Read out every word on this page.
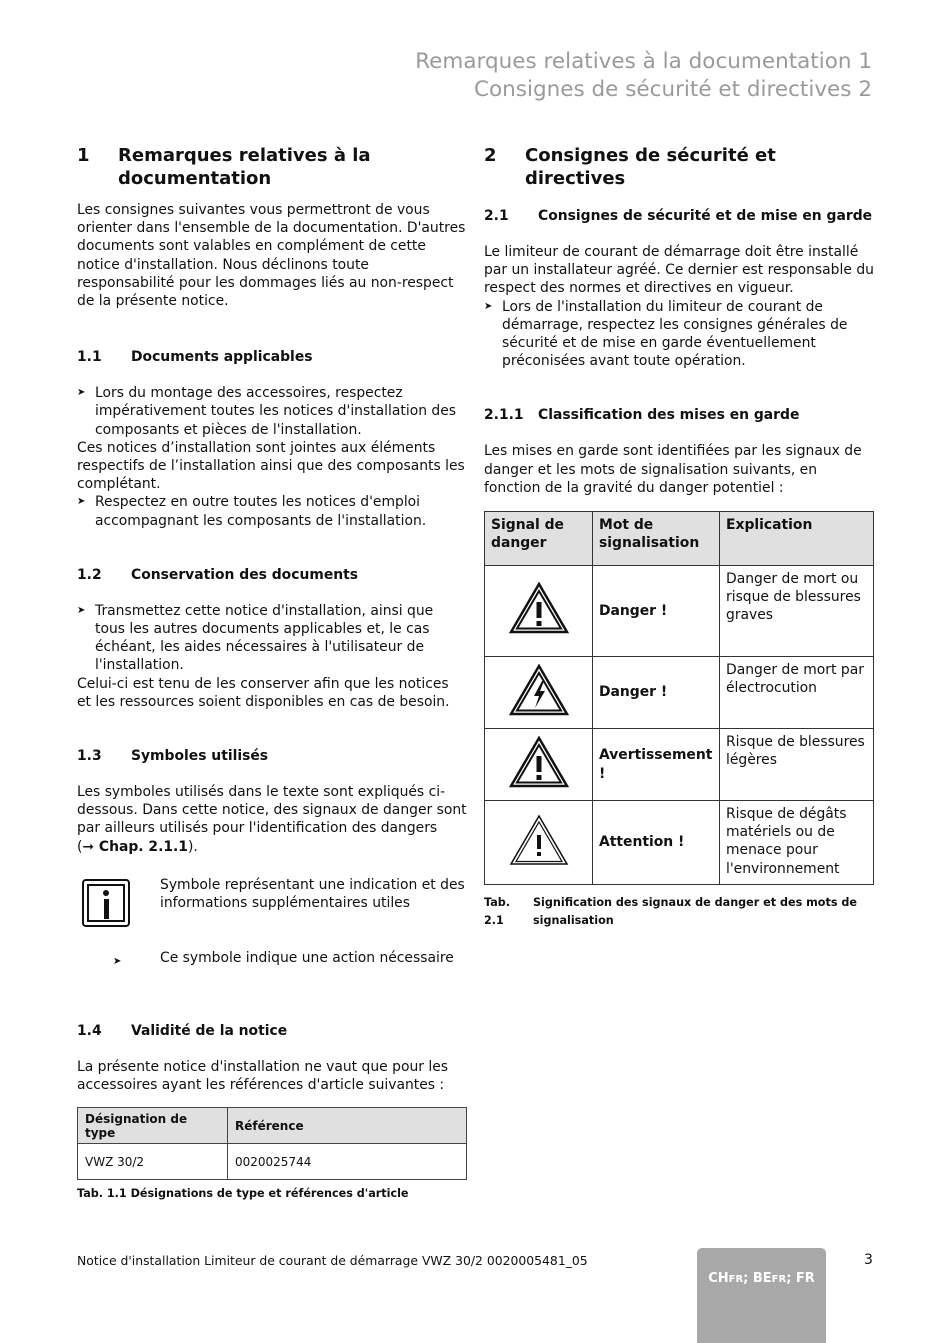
Remarques relatives à la documentation 1
Consignes de sécurité et directives 2
1	Remarques relatives à la documentation

Les consignes suivantes vous permettront de vous orienter dans l'ensemble de la documentation. D'autres documents sont valables en complément de cette notice d'installation. Nous déclinons toute responsabilité pour les dommages liés au non-respect de la présente notice.

1.1	Documents applicables
➤ Lors du montage des accessoires, respectez impérativement toutes les notices d'installation des composants et pièces de l'installation.

Ces notices d’installation sont jointes aux éléments respectifs de l’installation ainsi que des composants les complétant.

➤ Respectez en outre toutes les notices d'emploi accompagnant les composants de l'installation.
1.2	Conservation des documents
➤ Transmettez cette notice d'installation, ainsi que tous les autres documents applicables et, le cas échéant, les aides nécessaires à l'utilisateur de l'installation.

Celui-ci est tenu de les conserver afin que les notices et les ressources soient disponibles en cas de besoin.

1.3	Symboles utilisés

Les symboles utilisés dans le texte sont expliqués ci-dessous. Dans cette notice, des signaux de danger sont par ailleurs utilisés pour l'identification des dangers
(➞ Chap. 2.1.1).

Symbole représentant une indication et des informations supplémentaires utiles

➤	Ce symbole indique une action nécessaire

1.4	Validité de la notice

La présente notice d'installation ne vaut que pour les accessoires ayant les références d'article suivantes :

Désignation de type	Référence
VWZ 30/2	0020025744
Tab. 1.1 Désignations de type et références d'article
2	Consignes de sécurité et directives
2.1	Consignes de sécurité et de mise en garde

Le limiteur de courant de démarrage doit être installé par un installateur agréé. Ce dernier est responsable du respect des normes et directives en vigueur.

➤ Lors de l'installation du limiteur de courant de démarrage, respectez les consignes générales de sécurité et de mise en garde éventuellement préconisées avant toute opération.
2.1.1	Classification des mises en garde

Les mises en garde sont identifiées par les signaux de danger et les mots de signalisation suivants, en fonction de la gravité du danger potentiel :

Signal de danger	Mot de signalisation	Explication
	Danger !	Danger de mort ou risque de blessures graves
	Danger !	Danger de mort par électrocution
	Avertissement !	Risque de blessures légères
	Attention !	Risque de dégâts matériels ou de menace pour l'environnement
Tab. 2.1
Signification des signaux de danger et des mots de signalisation
Notice d'installation Limiteur de courant de démarrage VWZ 30/2 0020005481_05	3
CHFR; BEFR; FR
